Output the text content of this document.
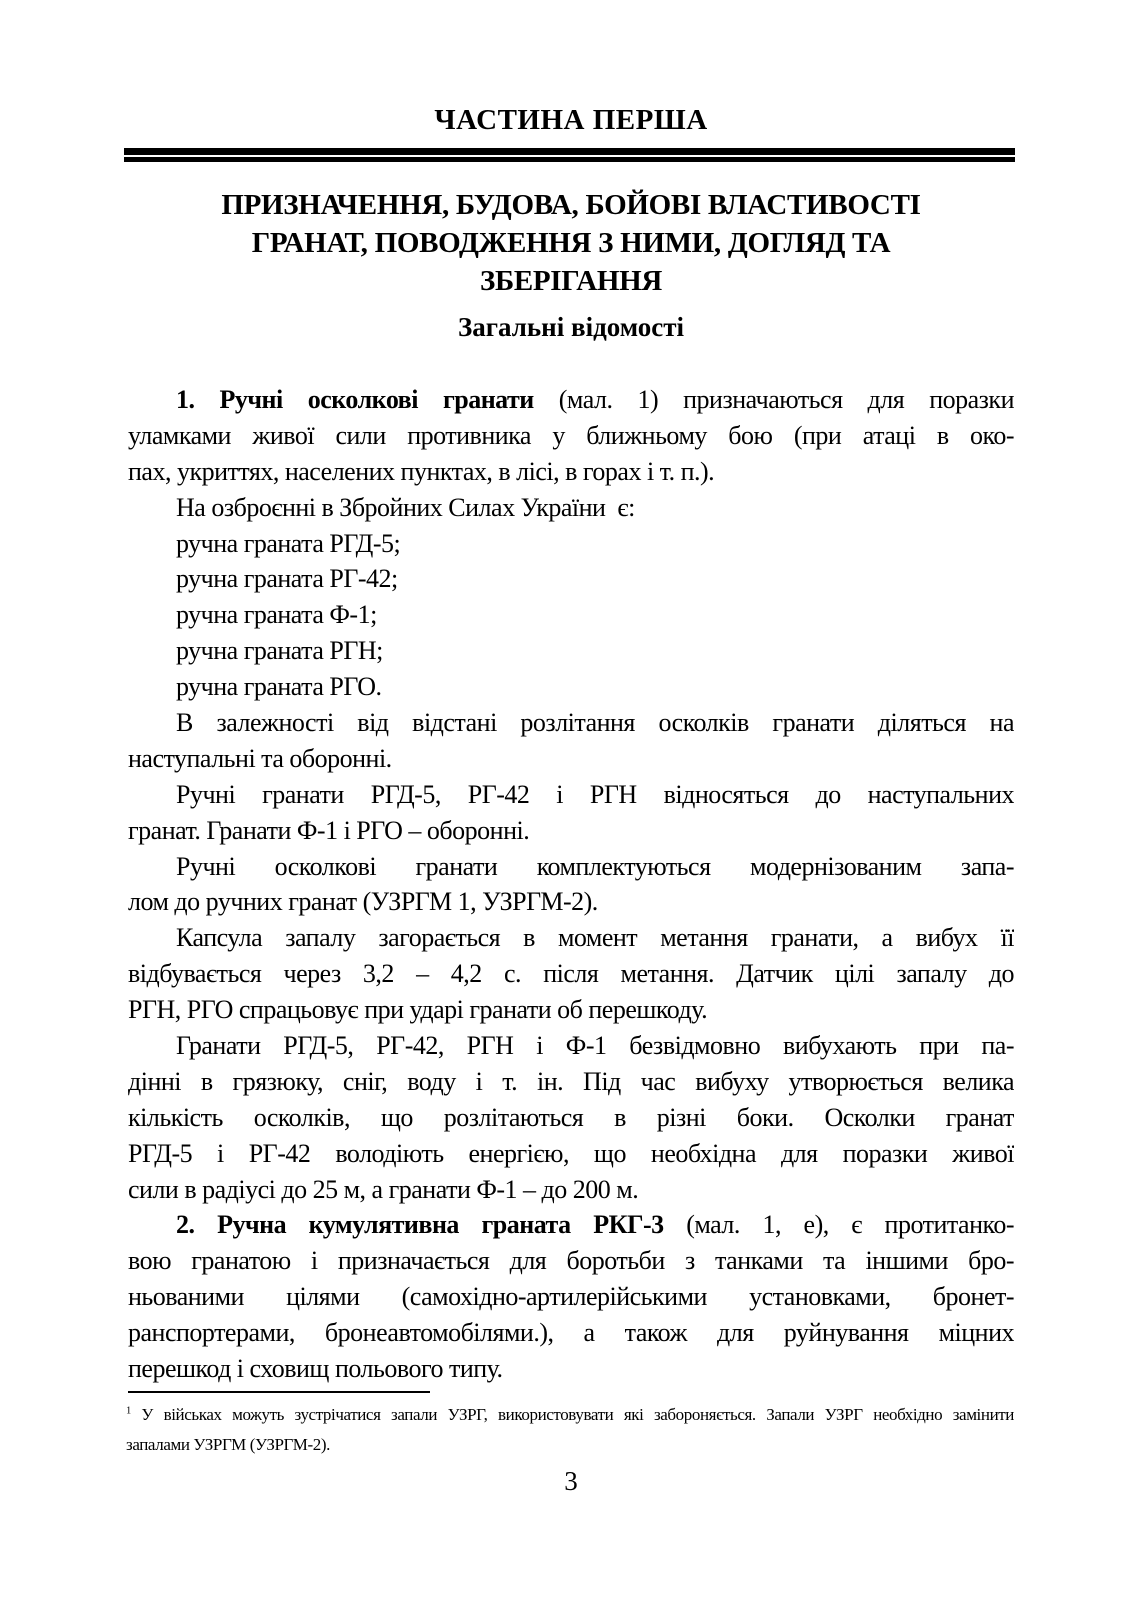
ЧАСТИНА ПЕРША
ПРИЗНАЧЕННЯ, БУДОВА, БОЙОВІ ВЛАСТИВОСТІ
ГРАНАТ, ПОВОДЖЕННЯ З НИМИ, ДОГЛЯД ТА
ЗБЕРІГАННЯ
Загальні відомості
1. Ручні осколкові гранати (мал. 1) призначаються для поразки
уламками живої сили противника у ближньому бою (при атаці в око-
пах, укриттях, населених пунктах, в лісі, в горах і т. п.).
На озброєнні в Збройних Силах України  є:
ручна граната РГД-5;
ручна граната РГ-42;
ручна граната Ф-1;
ручна граната РГН;
ручна граната РГО.
В залежності від відстані розлітання осколків гранати діляться на
наступальні та оборонні.
Ручні гранати РГД-5, РГ-42 і РГН відносяться до наступальних
гранат. Гранати Ф-1 і РГО – оборонні.
Ручні осколкові гранати комплектуються модернізованим запа-
лом до ручних гранат (УЗРГМ 1, УЗРГМ-2).
Капсула запалу загорається в момент метання гранати, а вибух її
відбувається через 3,2 – 4,2 с. після метання. Датчик цілі запалу до
РГН, РГО спрацьовує при ударі гранати об перешкоду.
Гранати РГД-5, РГ-42, РГН і Ф-1 безвідмовно вибухають при па-
дінні в грязюку, сніг, воду і т. ін. Під час вибуху утворюється велика
кількість осколків, що розлітаються в різні боки. Осколки гранат
РГД-5 і РГ-42 володіють енергією, що необхідна для поразки живої
сили в радіусі до 25 м, а гранати Ф-1 – до 200 м.
2. Ручна кумулятивна граната РКГ-3 (мал. 1, е), є протитанко-
вою гранатою і призначається для боротьби з танками та іншими бро-
ньованими цілями (самохідно-артилерійськими установками, бронет-
ранспортерами, бронеавтомобілями.), а також для руйнування міцних
перешкод і сховищ польового типу.
$^1$ У військах можуть зустрічатися запали УЗРГ, використовувати які забороняється. Запали УЗРГ необхідно замінити
запалами УЗРГМ (УЗРГМ-2).
3
